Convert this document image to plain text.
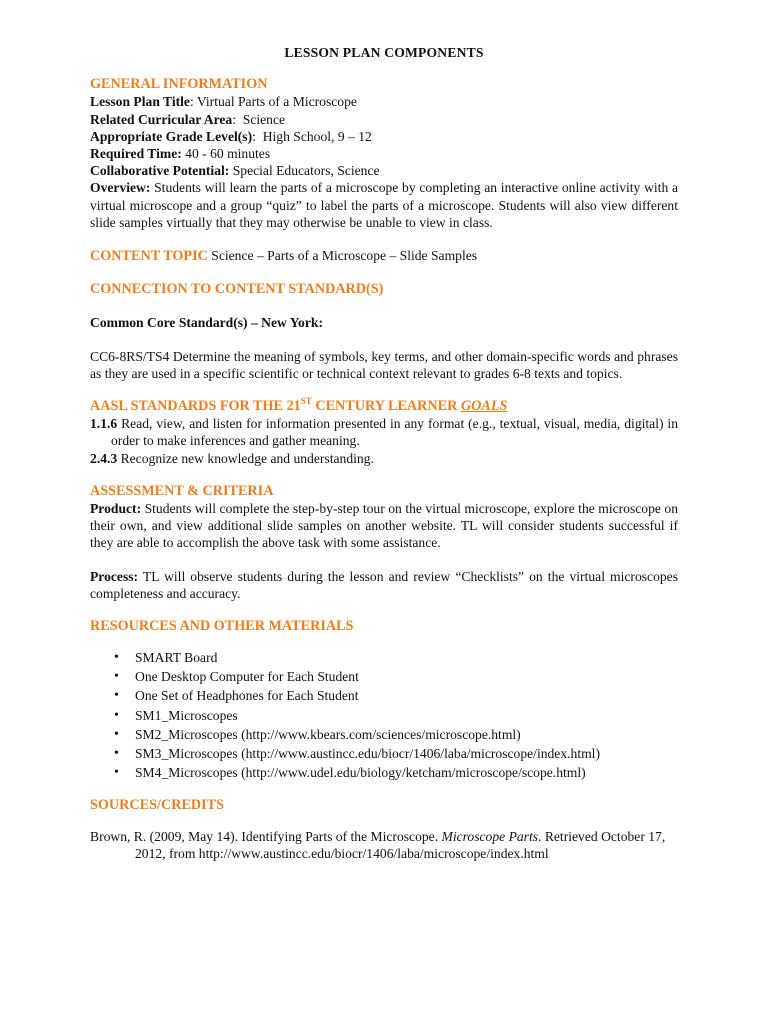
LESSON PLAN COMPONENTS
GENERAL INFORMATION

Lesson Plan Title: Virtual Parts of a Microscope

Related Curricular Area:  Science

Appropriate Grade Level(s):  High School, 9 – 12

Required Time: 40 - 60 minutes

Collaborative Potential: Special Educators, Science

Overview: Students will learn the parts of a microscope by completing an interactive online activity with a virtual microscope and a group “quiz” to label the parts of a microscope. Students will also view different slide samples virtually that they may otherwise be unable to view in class.

CONTENT TOPIC Science – Parts of a Microscope – Slide Samples

CONNECTION TO CONTENT STANDARD(S)

Common Core Standard(s) – New York:

CC6-8RS/TS4 Determine the meaning of symbols, key terms, and other domain-specific words and phrases as they are used in a specific scientific or technical context relevant to grades 6-8 texts and topics.

AASL STANDARDS FOR THE 21ST CENTURY LEARNER GOALS

1.1.6 Read, view, and listen for information presented in any format (e.g., textual, visual, media, digital) in order to make inferences and gather meaning.

2.4.3 Recognize new knowledge and understanding.

ASSESSMENT & CRITERIA

Product: Students will complete the step-by-step tour on the virtual microscope, explore the microscope on their own, and view additional slide samples on another website. TL will consider students successful if they are able to accomplish the above task with some assistance.

Process: TL will observe students during the lesson and review “Checklists” on the virtual microscopes completeness and accuracy.

RESOURCES AND OTHER MATERIALS
• SMART Board
• One Desktop Computer for Each Student
• One Set of Headphones for Each Student
• SM1_Microscopes
• SM2_Microscopes (http://www.kbears.com/sciences/microscope.html)
• SM3_Microscopes (http://www.austincc.edu/biocr/1406/laba/microscope/index.html)
• SM4_Microscopes (http://www.udel.edu/biology/ketcham/microscope/scope.html)
SOURCES/CREDITS

Brown, R. (2009, May 14). Identifying Parts of the Microscope. Microscope Parts. Retrieved October 17, 2012, from http://www.austincc.edu/biocr/1406/laba/microscope/index.html
